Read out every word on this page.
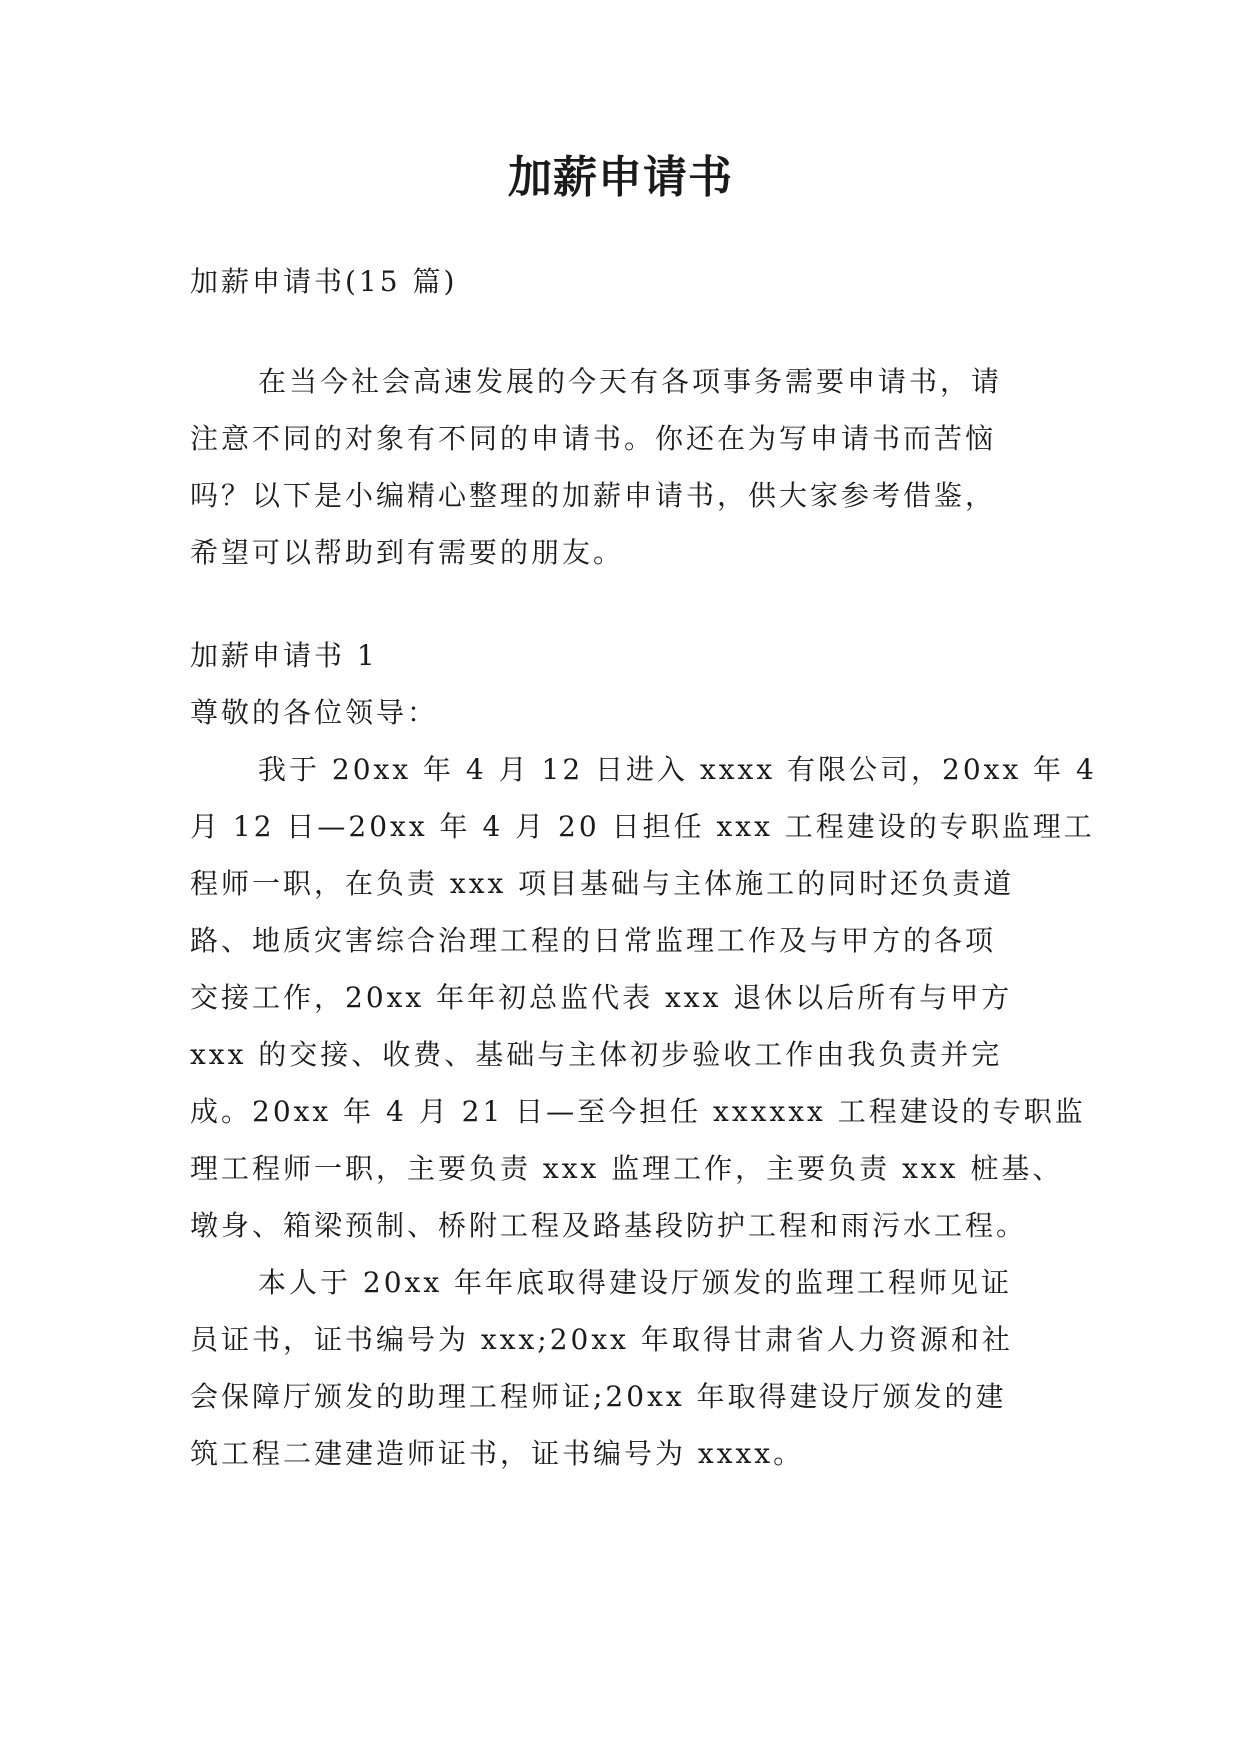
加薪申请书
加薪申请书(15 篇)
在当今社会高速发展的今天有各项事务需要申请书，请
注意不同的对象有不同的申请书。你还在为写申请书而苦恼
吗？以下是小编精心整理的加薪申请书，供大家参考借鉴，
希望可以帮助到有需要的朋友。
加薪申请书 1
尊敬的各位领导：
我于 20xx 年 4 月 12 日进入 xxxx 有限公司，20xx 年 4
月 12 日—20xx 年 4 月 20 日担任 xxx 工程建设的专职监理工
程师一职，在负责 xxx 项目基础与主体施工的同时还负责道
路、地质灾害综合治理工程的日常监理工作及与甲方的各项
交接工作，20xx 年年初总监代表 xxx 退休以后所有与甲方
xxx 的交接、收费、基础与主体初步验收工作由我负责并完
成。20xx 年 4 月 21 日—至今担任 xxxxxx 工程建设的专职监
理工程师一职，主要负责 xxx 监理工作，主要负责 xxx 桩基、
墩身、箱梁预制、桥附工程及路基段防护工程和雨污水工程。
本人于 20xx 年年底取得建设厅颁发的监理工程师见证
员证书，证书编号为 xxx;20xx 年取得甘肃省人力资源和社
会保障厅颁发的助理工程师证;20xx 年取得建设厅颁发的建
筑工程二建建造师证书，证书编号为 xxxx。
